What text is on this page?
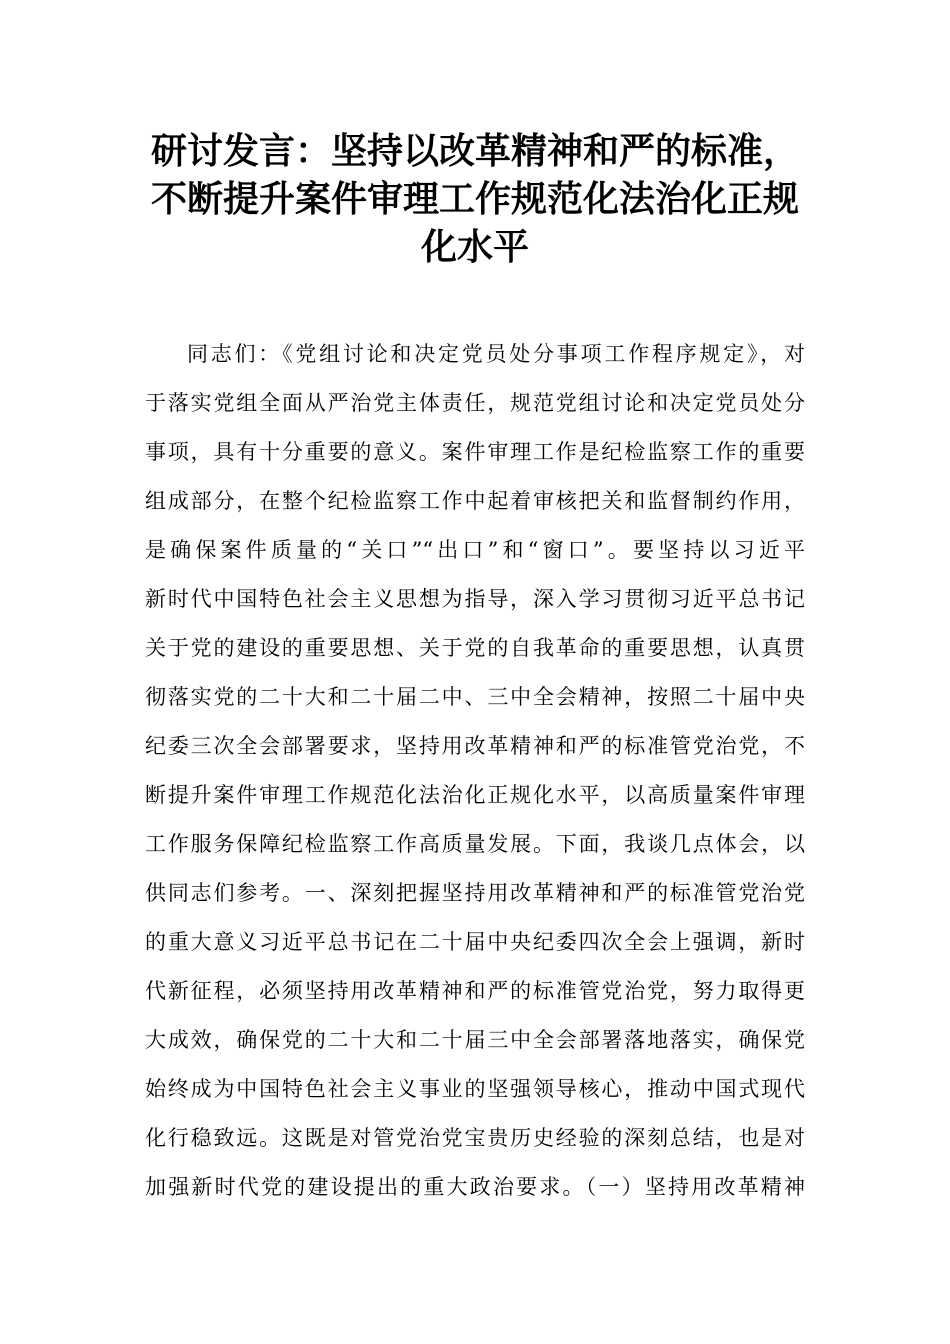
研讨发言：坚持以改革精神和严的标准，
不断提升案件审理工作规范化法治化正规
化水平
同志们：《党组讨论和决定党员处分事项工作程序规定》，对
于落实党组全面从严治党主体责任，规范党组讨论和决定党员处分
事项，具有十分重要的意义。案件审理工作是纪检监察工作的重要
组成部分，在整个纪检监察工作中起着审核把关和监督制约作用，
是确保案件质量的“关口”“出口”和“窗口”。要坚持以习近平
新时代中国特色社会主义思想为指导，深入学习贯彻习近平总书记
关于党的建设的重要思想、关于党的自我革命的重要思想，认真贯
彻落实党的二十大和二十届二中、三中全会精神，按照二十届中央
纪委三次全会部署要求，坚持用改革精神和严的标准管党治党，不
断提升案件审理工作规范化法治化正规化水平，以高质量案件审理
工作服务保障纪检监察工作高质量发展。下面，我谈几点体会，以
供同志们参考。一、深刻把握坚持用改革精神和严的标准管党治党
的重大意义习近平总书记在二十届中央纪委四次全会上强调，新时
代新征程，必须坚持用改革精神和严的标准管党治党，努力取得更
大成效，确保党的二十大和二十届三中全会部署落地落实，确保党
始终成为中国特色社会主义事业的坚强领导核心，推动中国式现代
化行稳致远。这既是对管党治党宝贵历史经验的深刻总结，也是对
加强新时代党的建设提出的重大政治要求。（一）坚持用改革精神
